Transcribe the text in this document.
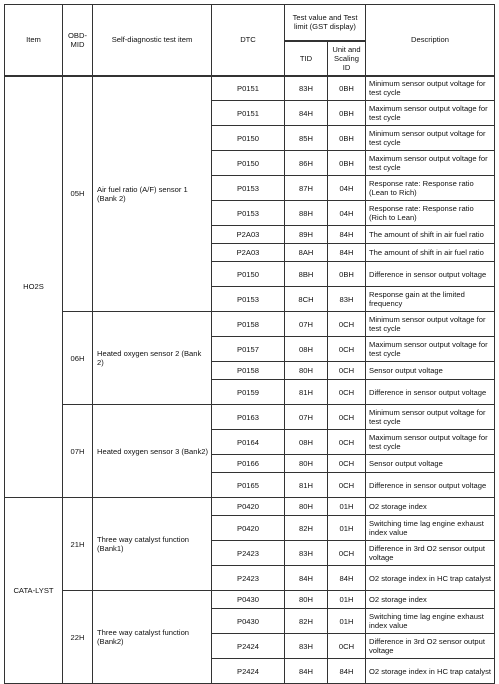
Item	OBD-MID	Self-diagnostic test item	DTC	Test value and Test limit (GST display)		Description
				TID	Unit and Scaling ID	
HO2S	05H	Air fuel ratio (A/F) sensor 1 (Bank 2)	P0151	83H	0BH	Minimum sensor output voltage for test cycle
			P0151	84H	0BH	Maximum sensor output voltage for test cycle
			P0150	85H	0BH	Minimum sensor output voltage for test cycle
			P0150	86H	0BH	Maximum sensor output voltage for test cycle
			P0153	87H	04H	Response rate: Response ratio (Lean to Rich)
			P0153	88H	04H	Response rate: Response ratio (Rich to Lean)
			P2A03	89H	84H	The amount of shift in air fuel ratio
			P2A03	8AH	84H	The amount of shift in air fuel ratio
			P0150	8BH	0BH	Difference in sensor output voltage
			P0153	8CH	83H	Response gain at the limited frequency
	06H	Heated oxygen sensor 2 (Bank 2)	P0158	07H	0CH	Minimum sensor output voltage for test cycle
			P0157	08H	0CH	Maximum sensor output voltage for test cycle
			P0158	80H	0CH	Sensor output voltage
			P0159	81H	0CH	Difference in sensor output voltage
	07H	Heated oxygen sensor 3 (Bank2)	P0163	07H	0CH	Minimum sensor output voltage for test cycle
			P0164	08H	0CH	Maximum sensor output voltage for test cycle
			P0166	80H	0CH	Sensor output voltage
			P0165	81H	0CH	Difference in sensor output voltage
CATA-LYST	21H	Three way catalyst function (Bank1)	P0420	80H	01H	O2 storage index
			P0420	82H	01H	Switching time lag engine exhaust index value
			P2423	83H	0CH	Difference in 3rd O2 sensor output voltage
			P2423	84H	84H	O2 storage index in HC trap catalyst
	22H	Three way catalyst function (Bank2)	P0430	80H	01H	O2 storage index
			P0430	82H	01H	Switching time lag engine exhaust index value
			P2424	83H	0CH	Difference in 3rd O2 sensor output voltage
			P2424	84H	84H	O2 storage index in HC trap catalyst
